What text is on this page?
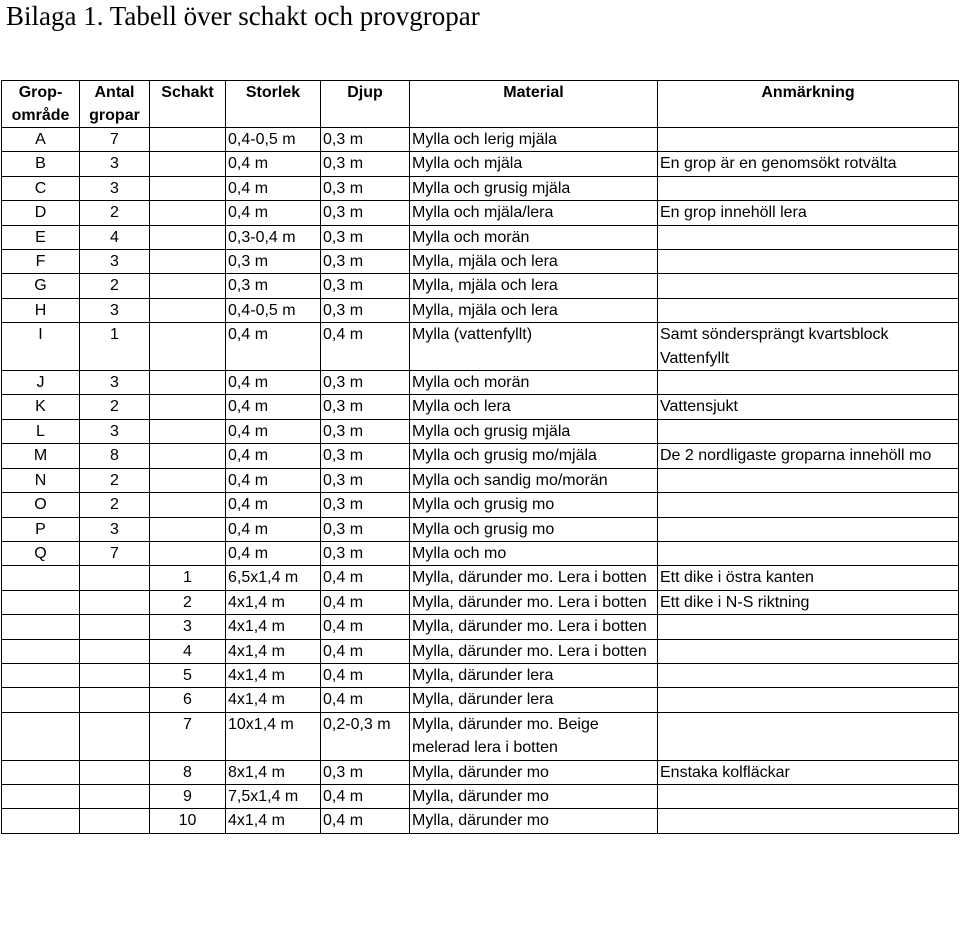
Bilaga 1. Tabell över schakt och provgropar
Grop-område	Antal gropar	Schakt	Storlek	Djup	Material	Anmärkning
A	7		0,4-0,5 m	0,3 m	Mylla och lerig mjäla	
B	3		0,4 m	0,3 m	Mylla och mjäla	En grop är en genomsökt rotvälta
C	3		0,4 m	0,3 m	Mylla och grusig mjäla	
D	2		0,4 m	0,3 m	Mylla och mjäla/lera	En grop innehöll lera
E	4		0,3-0,4 m	0,3 m	Mylla och morän	
F	3		0,3 m	0,3 m	Mylla, mjäla och lera	
G	2		0,3 m	0,3 m	Mylla, mjäla och lera	
H	3		0,4-0,5 m	0,3 m	Mylla, mjäla och lera	
I	1		0,4 m	0,4 m	Mylla (vattenfyllt)	Samt söndersprängt kvartsblock Vattenfyllt
J	3		0,4 m	0,3 m	Mylla och morän	
K	2		0,4 m	0,3 m	Mylla och lera	Vattensjukt
L	3		0,4 m	0,3 m	Mylla och grusig mjäla	
M	8		0,4 m	0,3 m	Mylla och grusig mo/mjäla	De 2 nordligaste groparna innehöll mo
N	2		0,4 m	0,3 m	Mylla och sandig mo/morän	
O	2		0,4 m	0,3 m	Mylla och grusig mo	
P	3		0,4 m	0,3 m	Mylla och grusig mo	
Q	7		0,4 m	0,3 m	Mylla och mo	
		1	6,5x1,4 m	0,4 m	Mylla, därunder mo. Lera i botten	Ett dike i östra kanten
		2	4x1,4 m	0,4 m	Mylla, därunder mo. Lera i botten	Ett dike i N-S riktning
		3	4x1,4 m	0,4 m	Mylla, därunder mo. Lera i botten	
		4	4x1,4 m	0,4 m	Mylla, därunder mo. Lera i botten	
		5	4x1,4 m	0,4 m	Mylla, därunder lera	
		6	4x1,4 m	0,4 m	Mylla, därunder lera	
		7	10x1,4 m	0,2-0,3 m	Mylla, därunder mo. Beige melerad lera i botten	
		8	8x1,4 m	0,3 m	Mylla, därunder mo	Enstaka kolfläckar
		9	7,5x1,4 m	0,4 m	Mylla, därunder mo	
		10	4x1,4 m	0,4 m	Mylla, därunder mo	
